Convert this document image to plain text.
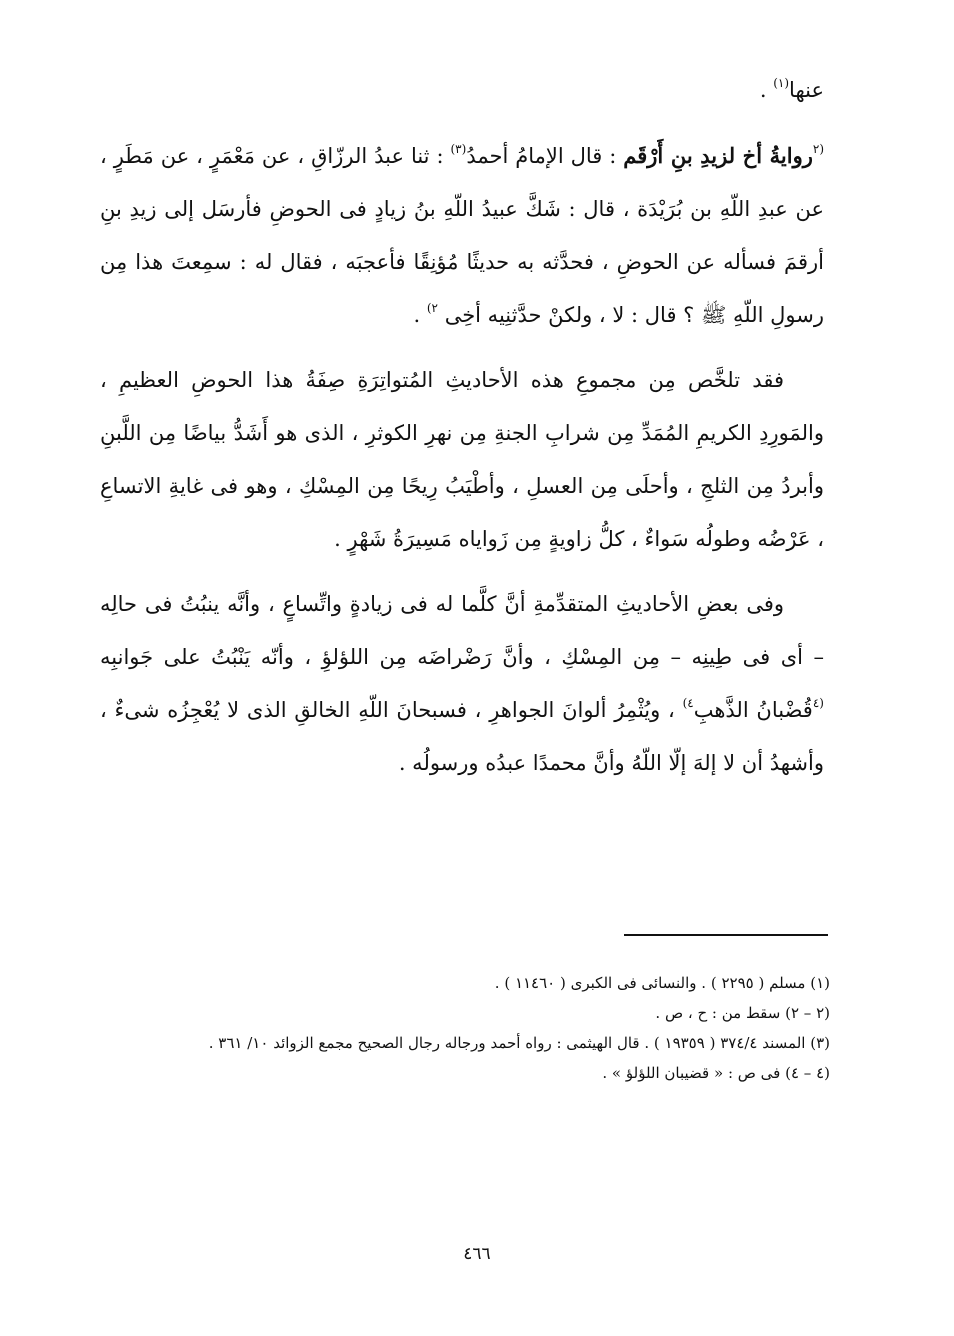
عنها$^{(١)}$ .

$^{(٢}$روايةُ أخ لزيدِ بنِ أَرْقَم : قال الإمامُ أحمدُ$^{(٣)}$ : ثنا عبدُ الرزّاقِ ، عن مَعْمَرٍ ، عن مَطَرٍ ، عن عبدِ اللّهِ بن بُرَيْدَة ، قال : شَكَّ عبيدُ اللّهِ بنُ زيادٍ فى الحوضِ فأرسَل إلى زيدِ بنِ أرقمَ فسأله عن الحوضِ ، فحدَّثه به حديثًا مُؤنِقًا فأعجبَه ، فقال له : سمِعتَ هذا مِن رسولِ اللّهِ ﷺ ؟ قال : لا ، ولكنْ حدَّثنِيه أخِى $^{٢)}$ .

فقد تلخَّص مِن مجموعِ هذه الأحاديثِ المُتواتِرَةِ صِفَةُ هذا الحوضِ العظيمِ ، والمَورِدِ الكريمِ المُمَدِّ مِن شرابِ الجنةِ مِن نهرِ الكوثرِ ، الذى هو أَشَدُّ بياضًا مِن اللَّبنِ وأبردُ مِن الثلجِ ، وأحلَى مِن العسلِ ، وأطْيَبُ رِيحًا مِن المِسْكِ ، وهو فى غايةِ الاتساعِ ، عَرْضُه وطولُه سَواءٌ ، كلُّ زاويةٍ مِن زَواياه مَسِيرَةُ شَهْرٍ .

وفى بعضِ الأحاديثِ المتقدِّمةِ أنَّ كلَّما له فى زيادةٍ واتِّساعٍ ، وأنَّه ينبُتُ فى حالِه – أى فى طِينِه – مِن المِسْكِ ، وأنَّ رَضْراضَه مِن اللؤلؤِ ، وأنّه يَنْبُتُ على جَوانبِه $^{(٤}$قُضْبانُ الذَّهبِ$^{٤)}$ ، ويُثْمِرُ ألوانَ الجواهرِ ، فسبحانَ اللّهِ الخالقِ الذى لا يُعْجِزُه شىءٌ ، وأشهدُ أن لا إلهَ إلّا اللّهُ وأنَّ محمدًا عبدُه ورسولُه .

(١) مسلم ( ٢٢٩٥ ) . والنسائى فى الكبرى ( ١١٤٦٠ ) .

(٢ – ٢) سقط من : ح ، ص .

(٣) المسند ٣٧٤/٤ ( ١٩٣٥٩ ) . قال الهيثمى : رواه أحمد ورجاله رجال الصحيح مجمع الزوائد ١٠/ ٣٦١ .

(٤ – ٤) فى ص : « قضيبان اللؤلؤ » .

٤٦٦
